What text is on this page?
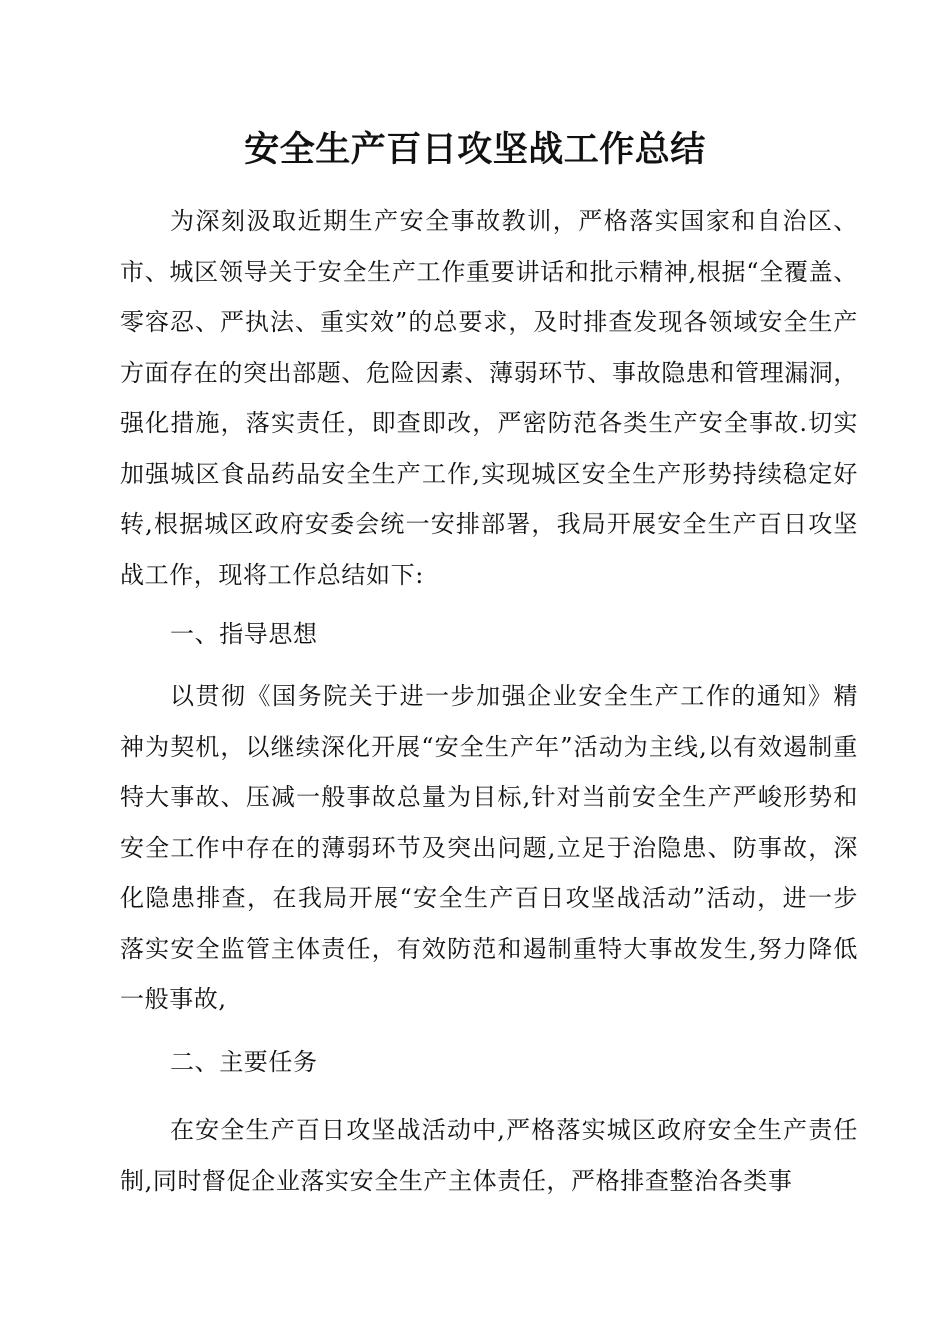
安全生产百日攻坚战工作总结

为深刻汲取近期生产安全事故教训，严格落实国家和自治区、市、城区领导关于安全生产工作重要讲话和批示精神,根据“全覆盖、零容忍、严执法、重实效”的总要求，及时排查发现各领域安全生产方面存在的突出部题、危险因素、薄弱环节、事故隐患和管理漏洞，强化措施，落实责任，即查即改，严密防范各类生产安全事故.切实加强城区食品药品安全生产工作,实现城区安全生产形势持续稳定好转,根据城区政府安委会统一安排部署，我局开展安全生产百日攻坚战工作，现将工作总结如下:

一、指导思想

以贯彻《国务院关于进一步加强企业安全生产工作的通知》精神为契机，以继续深化开展“安全生产年”活动为主线,以有效遏制重特大事故、压减一般事故总量为目标,针对当前安全生产严峻形势和安全工作中存在的薄弱环节及突出问题,立足于治隐患、防事故，深化隐患排查，在我局开展“安全生产百日攻坚战活动”活动，进一步落实安全监管主体责任，有效防范和遏制重特大事故发生,努力降低一般事故,

二、主要任务

在安全生产百日攻坚战活动中,严格落实城区政府安全生产责任制,同时督促企业落实安全生产主体责任，严格排查整治各类事
